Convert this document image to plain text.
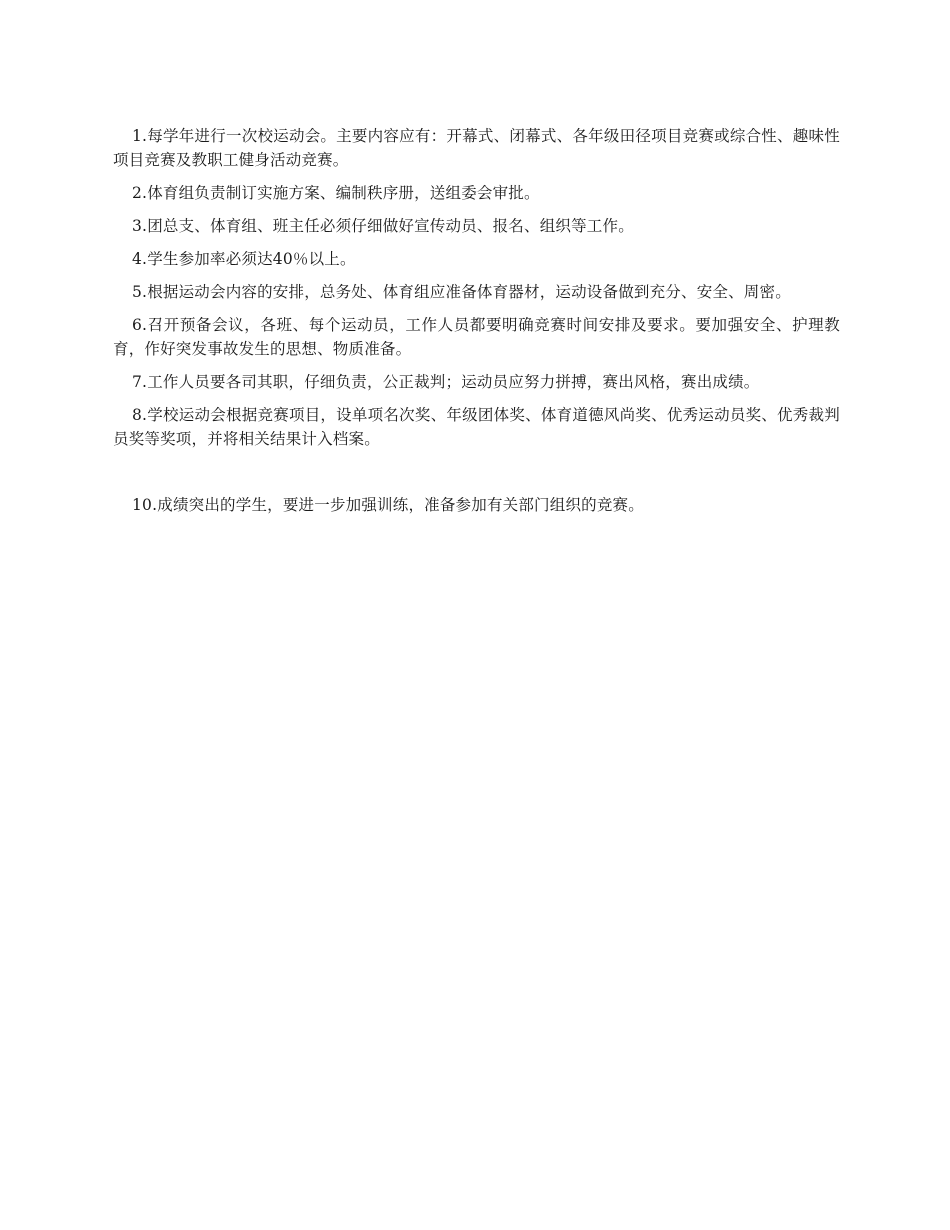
1.每学年进行一次校运动会。主要内容应有：开幕式、闭幕式、各年级田径项目竞赛或综合性、趣味性项目竞赛及教职工健身活动竞赛。

2.体育组负责制订实施方案、编制秩序册，送组委会审批。

3.团总支、体育组、班主任必须仔细做好宣传动员、报名、组织等工作。

4.学生参加率必须达40％以上。

5.根据运动会内容的安排，总务处、体育组应准备体育器材，运动设备做到充分、安全、周密。

6.召开预备会议，各班、每个运动员，工作人员都要明确竞赛时间安排及要求。要加强安全、护理教育，作好突发事故发生的思想、物质准备。

7.工作人员要各司其职，仔细负责，公正裁判；运动员应努力拼搏，赛出风格，赛出成绩。

8.学校运动会根据竞赛项目，设单项名次奖、年级团体奖、体育道德风尚奖、优秀运动员奖、优秀裁判员奖等奖项，并将相关结果计入档案。

10.成绩突出的学生，要进一步加强训练，准备参加有关部门组织的竞赛。
